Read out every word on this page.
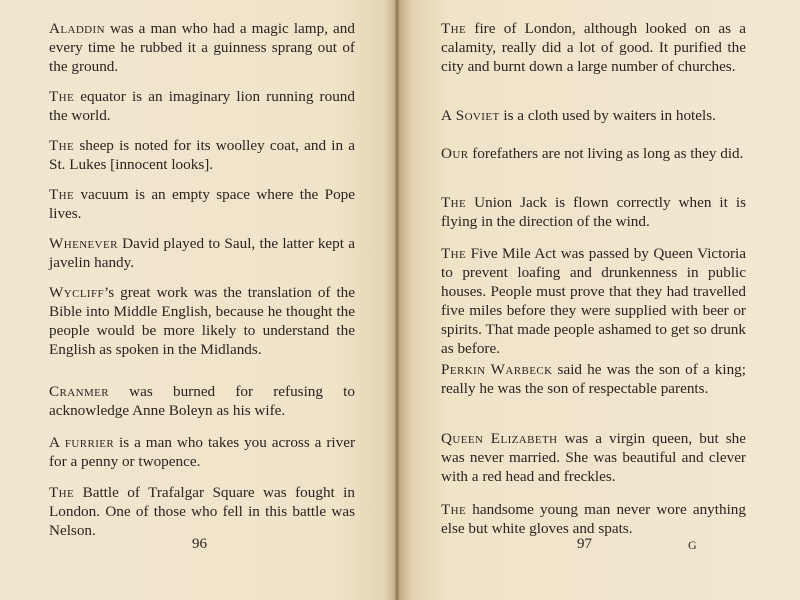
Aladdin was a man who had a magic lamp, and every time he rubbed it a guinness sprang out of the ground.

The equator is an imaginary lion running round the world.

The sheep is noted for its woolley coat, and in a St. Lukes [innocent looks].

The vacuum is an empty space where the Pope lives.

Whenever David played to Saul, the latter kept a javelin handy.

Wycliff’s great work was the translation of the Bible into Middle English, because he thought the people would be more likely to understand the English as spoken in the Midlands.

Cranmer was burned for refusing to acknowledge Anne Boleyn as his wife.

A furrier is a man who takes you across a river for a penny or twopence.

The Battle of Trafalgar Square was fought in London. One of those who fell in this battle was Nelson.

96

The fire of London, although looked on as a calamity, really did a lot of good. It purified the city and burnt down a large number of churches.

A Soviet is a cloth used by waiters in hotels.

Our forefathers are not living as long as they did.

The Union Jack is flown correctly when it is flying in the direction of the wind.

The Five Mile Act was passed by Queen Victoria to prevent loafing and drunkenness in public houses. People must prove that they had travelled five miles before they were supplied with beer or spirits. That made people ashamed to get so drunk as before.

Perkin Warbeck said he was the son of a king; really he was the son of respectable parents.

Queen Elizabeth was a virgin queen, but she was never married. She was beautiful and clever with a red head and freckles.

The handsome young man never wore anything else but white gloves and spats.

97	G
